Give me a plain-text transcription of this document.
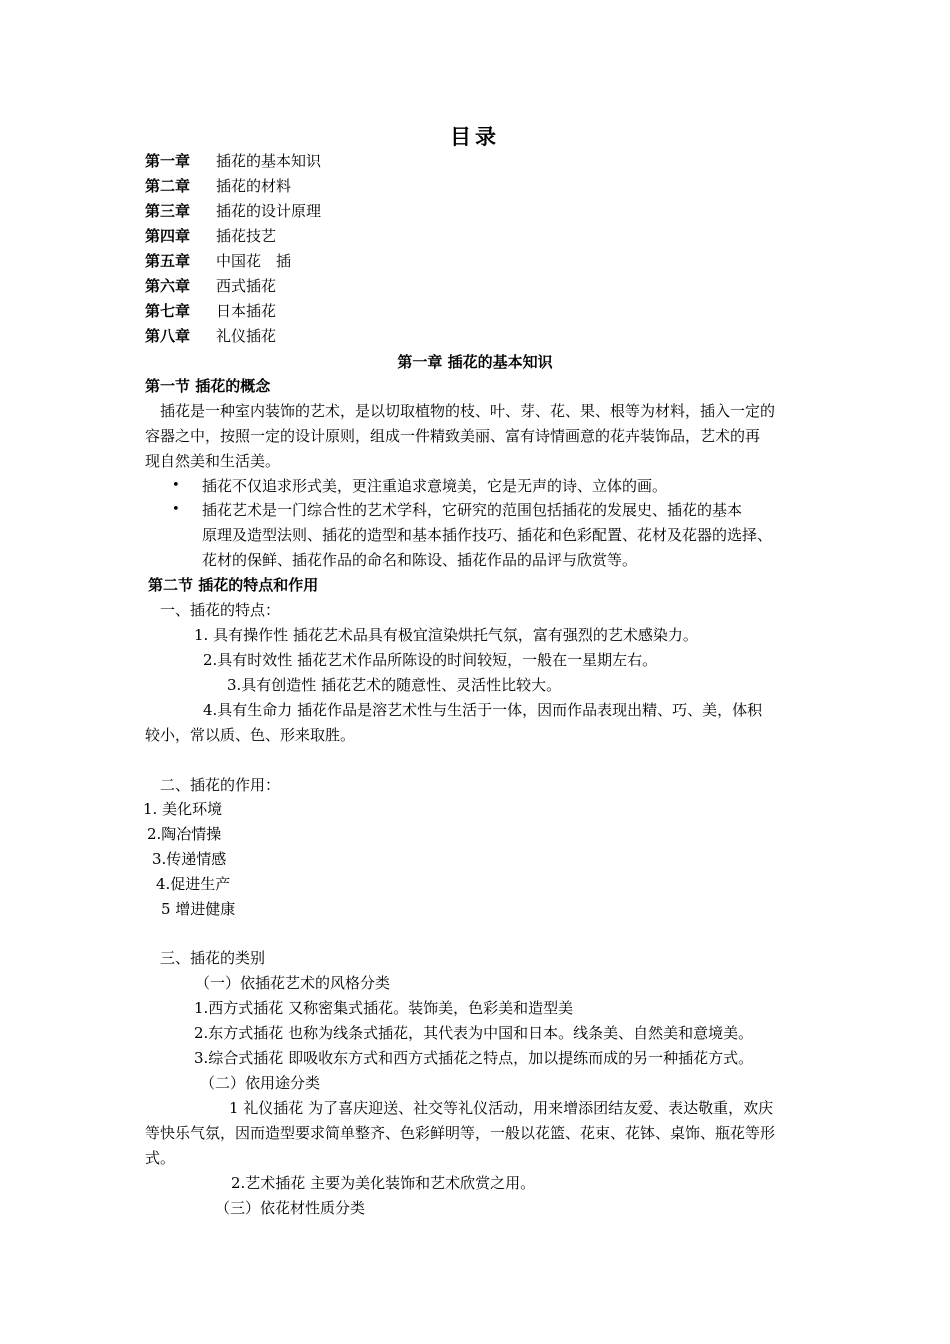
目录
第一章 插花的基本知识
第二章 插花的材料
第三章 插花的设计原理
第四章 插花技艺
第五章 中国花　插
第六章 西式插花
第七章 日本插花
第八章 礼仪插花
第一章 插花的基本知识
第一节 插花的概念
插花是一种室内装饰的艺术，是以切取植物的枝、叶、芽、花、果、根等为材料，插入一定的
容器之中，按照一定的设计原则，组成一件精致美丽、富有诗情画意的花卉装饰品，艺术的再
现自然美和生活美。
• 插花不仅追求形式美，更注重追求意境美，它是无声的诗、立体的画。
• 插花艺术是一门综合性的艺术学科，它研究的范围包括插花的发展史、插花的基本
原理及造型法则、插花的造型和基本插作技巧、插花和色彩配置、花材及花器的选择、
花材的保鲜、插花作品的命名和陈设、插花作品的品评与欣赏等。
第二节 插花的特点和作用
一、插花的特点：
1. 具有操作性 插花艺术品具有极宜渲染烘托气氛，富有强烈的艺术感染力。
2.具有时效性 插花艺术作品所陈设的时间较短，一般在一星期左右。
3.具有创造性 插花艺术的随意性、灵活性比较大。
4.具有生命力 插花作品是溶艺术性与生活于一体，因而作品表现出精、巧、美，体积
较小，常以质、色、形来取胜。
二、插花的作用：
1. 美化环境
2.陶冶情操
3.传递情感
4.促进生产
5 增进健康
三、插花的类别
（一）依插花艺术的风格分类
1.西方式插花 又称密集式插花。装饰美，色彩美和造型美
2.东方式插花 也称为线条式插花，其代表为中国和日本。线条美、自然美和意境美。
3.综合式插花 即吸收东方式和西方式插花之特点，加以提练而成的另一种插花方式。
（二）依用途分类
1 礼仪插花 为了喜庆迎送、社交等礼仪活动，用来增添团结友爱、表达敬重，欢庆
等快乐气氛，因而造型要求简单整齐、色彩鲜明等，一般以花篮、花束、花钵、桌饰、瓶花等形
式。
2.艺术插花 主要为美化装饰和艺术欣赏之用。
（三）依花材性质分类
